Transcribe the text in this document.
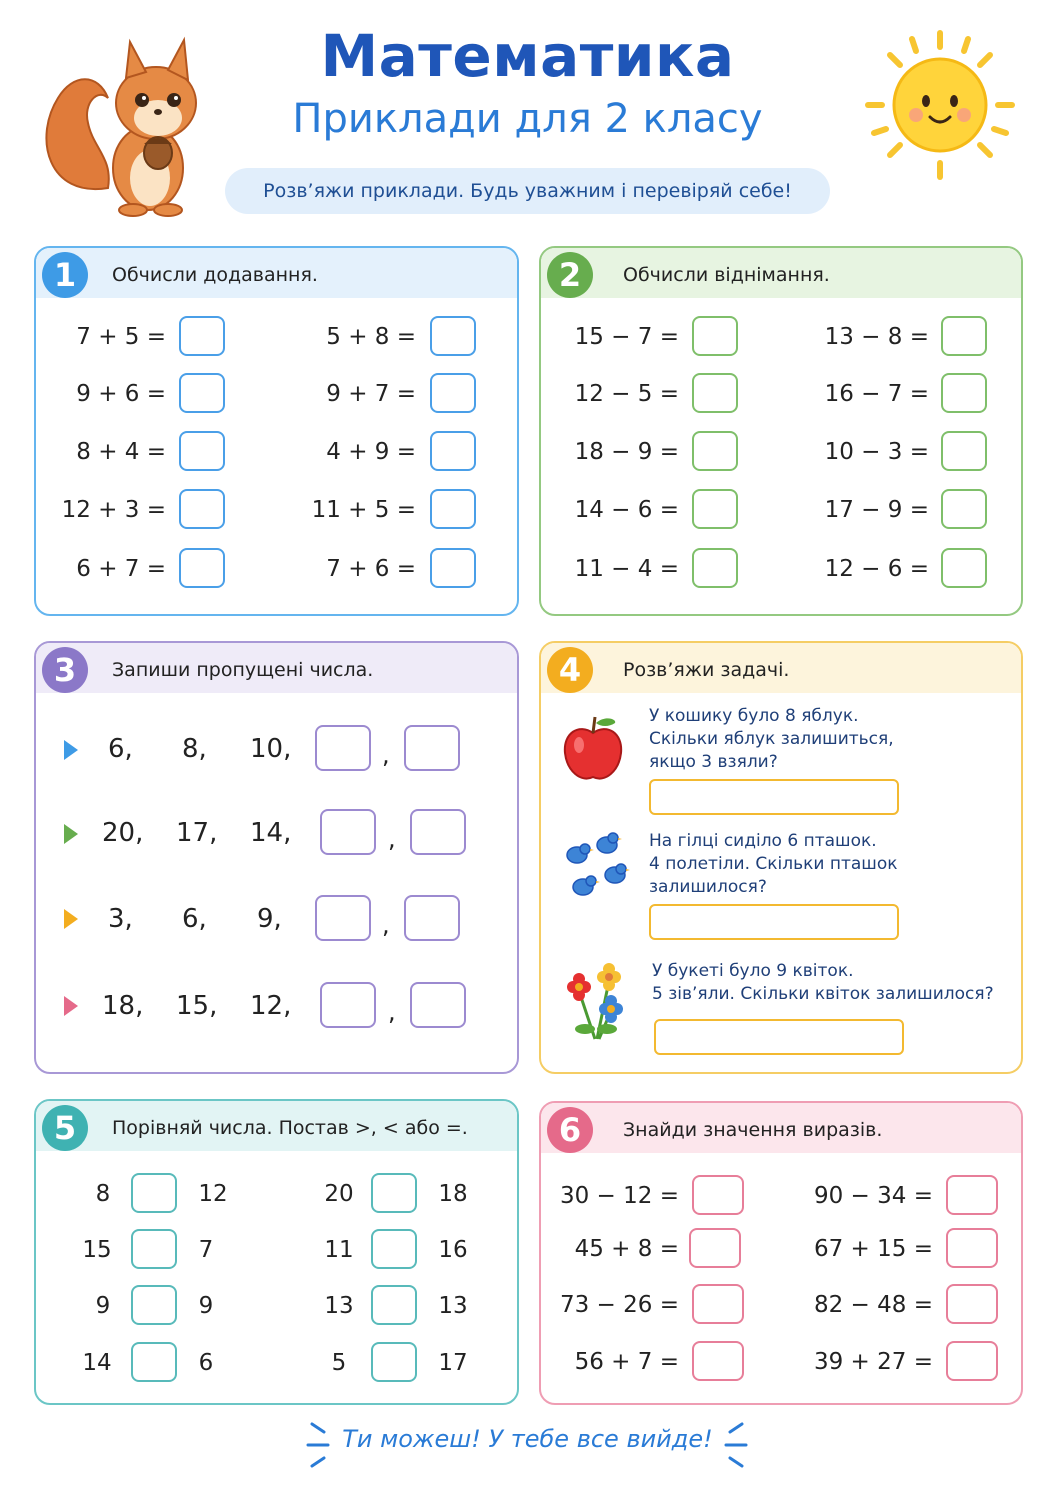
Математика
Приклади для 2 класу
Розв’яжи приклади. Будь уважним і перевіряй себе!
1	Обчисли додавання.
7 + 5 =
9 + 6 =
8 + 4 =
12 + 3 =
6 + 7 =
5 + 8 =
9 + 7 =
4 + 9 =
11 + 5 =
7 + 6 =
2	Обчисли віднімання.
15 − 7 =
12 − 5 =
18 − 9 =
14 − 6 =
11 − 4 =
13 − 8 =
16 − 7 =
10 − 3 =
17 − 9 =
12 − 6 =
3	Запиши пропущені числа.
6, 8, 10,	,
20, 17, 14,	,
3, 6, 9,	,
18, 15, 12,	,
4	Розв’яжи задачі.
У кошику було 8 яблук.
Скільки яблук залишиться,
якщо 3 взяли?
На гілці сиділо 6 пташок.
4 полетіли. Скільки пташок
залишилося?
У букеті було 9 квіток.
5 зів’яли. Скільки квіток залишилося?
5	Порівняй числа. Постав >, < або =.
8	12
15	7
9	9
14	6
20	18
11	16
13	13
5	17
6	Знайди значення виразів.
30 − 12 =
45 + 8 =
73 − 26 =
56 + 7 =
90 − 34 =
67 + 15 =
82 − 48 =
39 + 27 =
Ти можеш! У тебе все вийде!
